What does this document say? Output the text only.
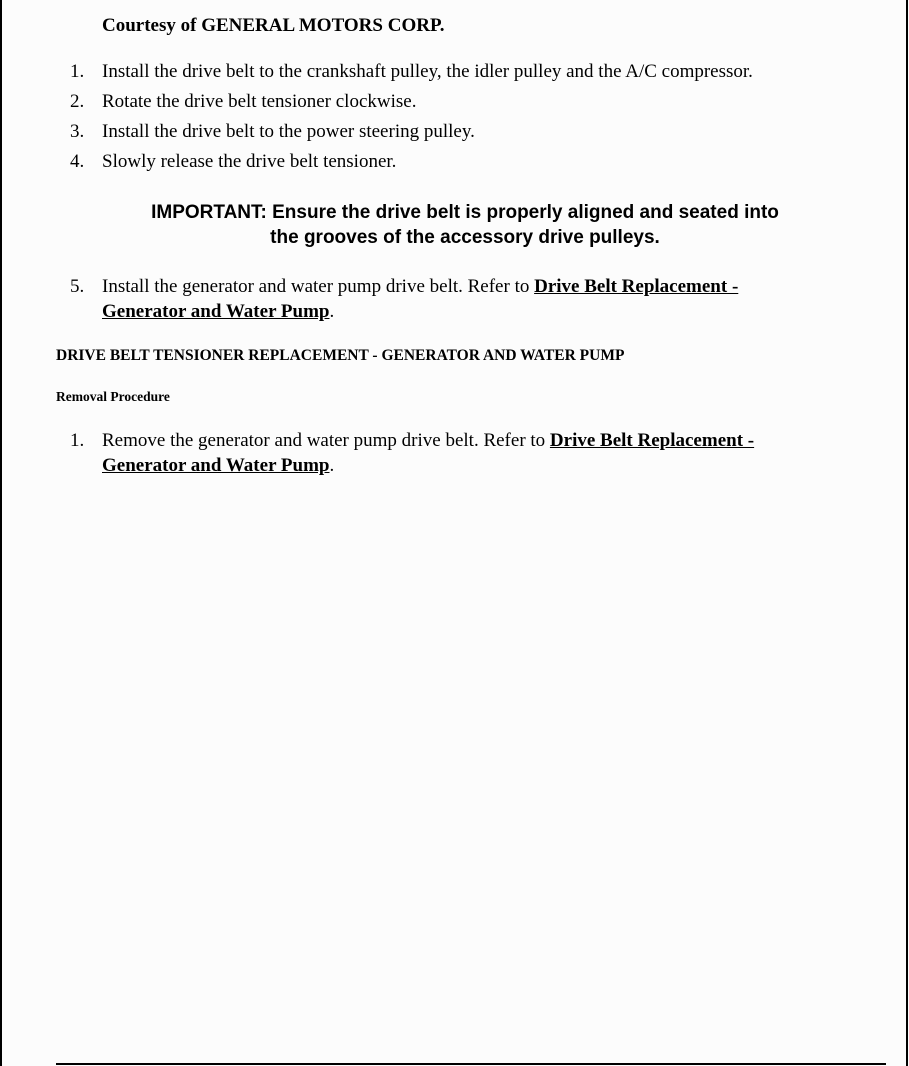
Courtesy of GENERAL MOTORS CORP.
1. Install the drive belt to the crankshaft pulley, the idler pulley and the A/C compressor.
2. Rotate the drive belt tensioner clockwise.
3. Install the drive belt to the power steering pulley.
4. Slowly release the drive belt tensioner.
IMPORTANT: Ensure the drive belt is properly aligned and seated into
the grooves of the accessory drive pulleys.
5. Install the generator and water pump drive belt. Refer to Drive Belt Replacement -
Generator and Water Pump.
DRIVE BELT TENSIONER REPLACEMENT - GENERATOR AND WATER PUMP
Removal Procedure
1. Remove the generator and water pump drive belt. Refer to Drive Belt Replacement -
Generator and Water Pump.
